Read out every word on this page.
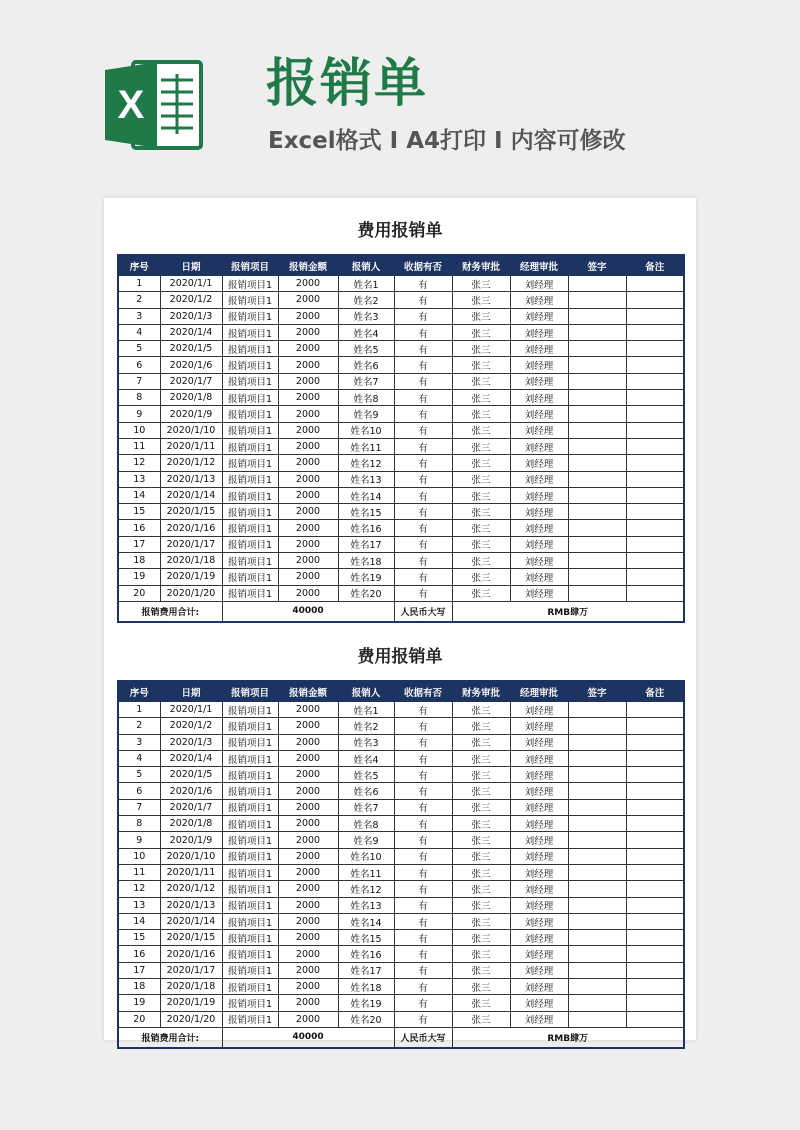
X 报销单
Excel格式 I A4打印 I 内容可修改
费用报销单
序号	日期	报销项目	报销金额	报销人	收据有否	财务审批	经理审批	签字	备注
1	2020/1/1	报销项目1	2000	姓名1	有	张三	刘经理		
2	2020/1/2	报销项目1	2000	姓名2	有	张三	刘经理		
3	2020/1/3	报销项目1	2000	姓名3	有	张三	刘经理		
4	2020/1/4	报销项目1	2000	姓名4	有	张三	刘经理		
5	2020/1/5	报销项目1	2000	姓名5	有	张三	刘经理		
6	2020/1/6	报销项目1	2000	姓名6	有	张三	刘经理		
7	2020/1/7	报销项目1	2000	姓名7	有	张三	刘经理		
8	2020/1/8	报销项目1	2000	姓名8	有	张三	刘经理		
9	2020/1/9	报销项目1	2000	姓名9	有	张三	刘经理		
10	2020/1/10	报销项目1	2000	姓名10	有	张三	刘经理		
11	2020/1/11	报销项目1	2000	姓名11	有	张三	刘经理		
12	2020/1/12	报销项目1	2000	姓名12	有	张三	刘经理		
13	2020/1/13	报销项目1	2000	姓名13	有	张三	刘经理		
14	2020/1/14	报销项目1	2000	姓名14	有	张三	刘经理		
15	2020/1/15	报销项目1	2000	姓名15	有	张三	刘经理		
16	2020/1/16	报销项目1	2000	姓名16	有	张三	刘经理		
17	2020/1/17	报销项目1	2000	姓名17	有	张三	刘经理		
18	2020/1/18	报销项目1	2000	姓名18	有	张三	刘经理		
19	2020/1/19	报销项目1	2000	姓名19	有	张三	刘经理		
20	2020/1/20	报销项目1	2000	姓名20	有	张三	刘经理		
报销费用合计:		40000			人民币大写	RMB肆万			
费用报销单
序号	日期	报销项目	报销金额	报销人	收据有否	财务审批	经理审批	签字	备注
1	2020/1/1	报销项目1	2000	姓名1	有	张三	刘经理		
2	2020/1/2	报销项目1	2000	姓名2	有	张三	刘经理		
3	2020/1/3	报销项目1	2000	姓名3	有	张三	刘经理		
4	2020/1/4	报销项目1	2000	姓名4	有	张三	刘经理		
5	2020/1/5	报销项目1	2000	姓名5	有	张三	刘经理		
6	2020/1/6	报销项目1	2000	姓名6	有	张三	刘经理		
7	2020/1/7	报销项目1	2000	姓名7	有	张三	刘经理		
8	2020/1/8	报销项目1	2000	姓名8	有	张三	刘经理		
9	2020/1/9	报销项目1	2000	姓名9	有	张三	刘经理		
10	2020/1/10	报销项目1	2000	姓名10	有	张三	刘经理		
11	2020/1/11	报销项目1	2000	姓名11	有	张三	刘经理		
12	2020/1/12	报销项目1	2000	姓名12	有	张三	刘经理		
13	2020/1/13	报销项目1	2000	姓名13	有	张三	刘经理		
14	2020/1/14	报销项目1	2000	姓名14	有	张三	刘经理		
15	2020/1/15	报销项目1	2000	姓名15	有	张三	刘经理		
16	2020/1/16	报销项目1	2000	姓名16	有	张三	刘经理		
17	2020/1/17	报销项目1	2000	姓名17	有	张三	刘经理		
18	2020/1/18	报销项目1	2000	姓名18	有	张三	刘经理		
19	2020/1/19	报销项目1	2000	姓名19	有	张三	刘经理		
20	2020/1/20	报销项目1	2000	姓名20	有	张三	刘经理		
报销费用合计:		40000			人民币大写	RMB肆万			
